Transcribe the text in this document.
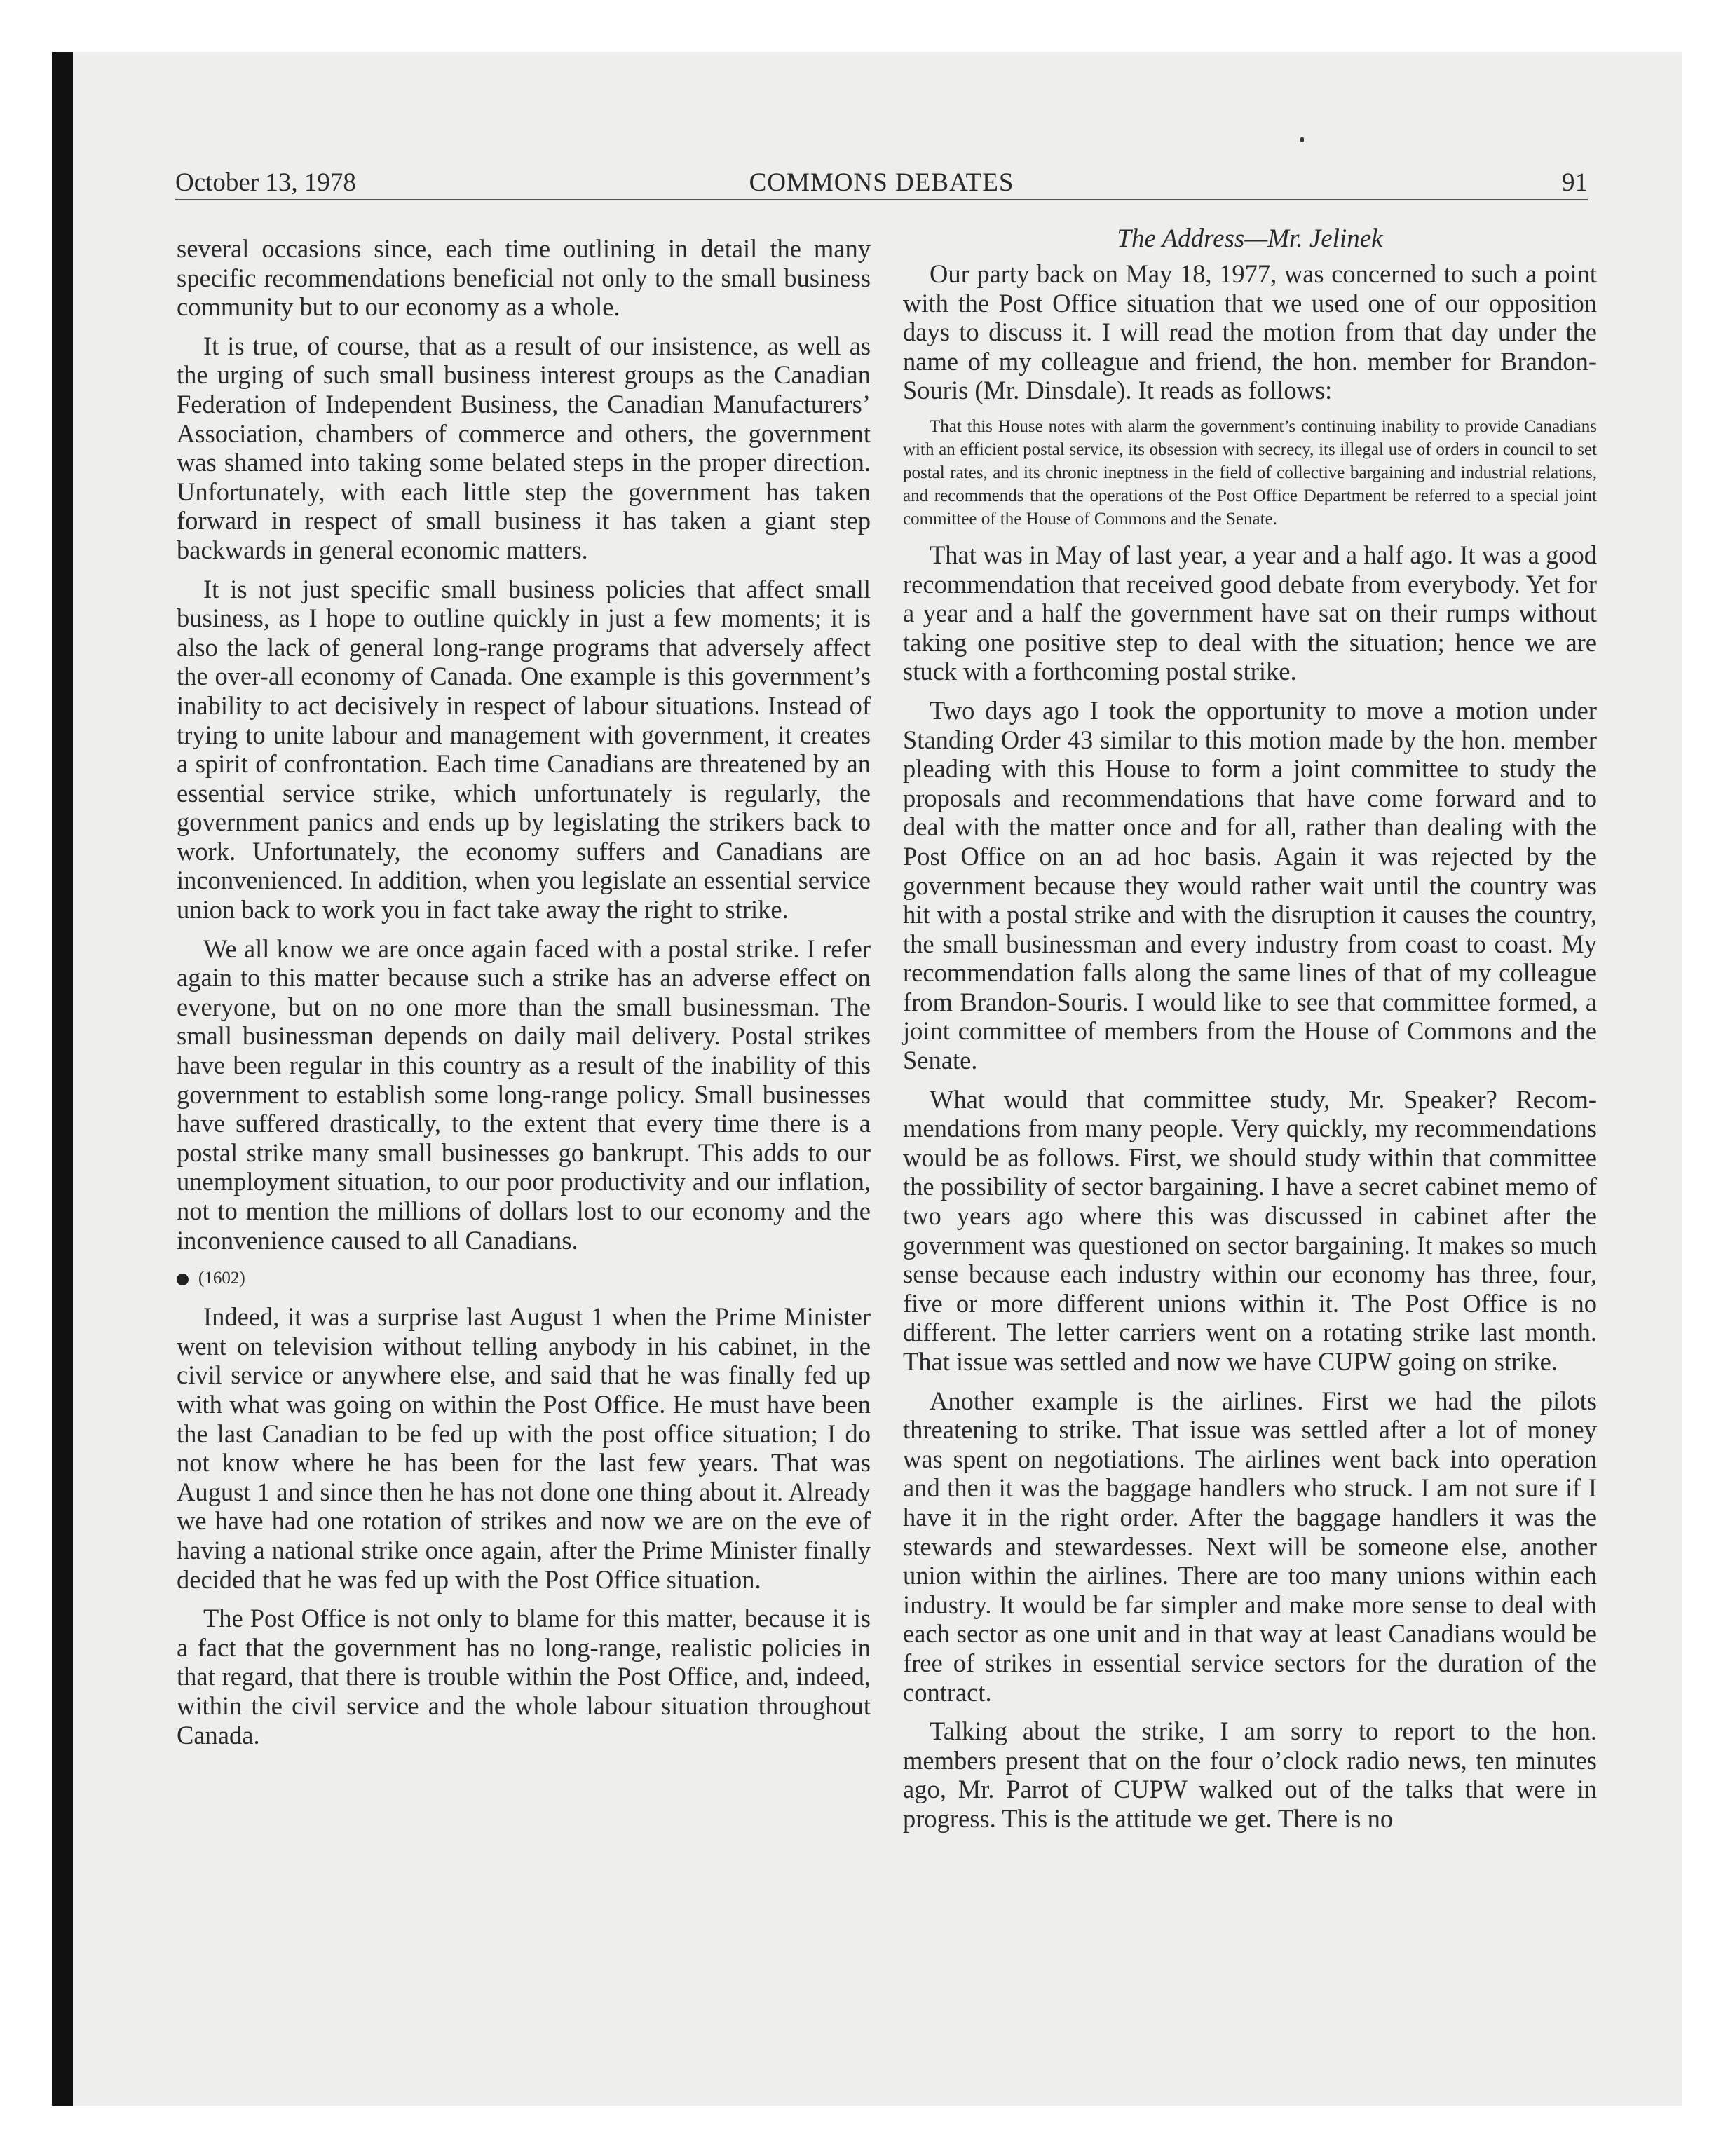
October 13, 1978	COMMONS DEBATES	91

several occasions since, each time outlining in detail the many specific recommendations beneficial not only to the small business community but to our economy as a whole.

It is true, of course, that as a result of our insistence, as well as the urging of such small business interest groups as the Canadian Federation of Independent Business, the Canadian Manufacturers’ Association, chambers of commerce and others, the government was shamed into taking some belated steps in the proper direction. Unfortunately, with each little step the government has taken forward in respect of small business it has taken a giant step backwards in general economic matters.

It is not just specific small business policies that affect small business, as I hope to outline quickly in just a few moments; it is also the lack of general long-range programs that adversely affect the over-all economy of Canada. One example is this government’s inability to act decisively in respect of labour situations. Instead of trying to unite labour and management with government, it creates a spirit of confrontation. Each time Canadians are threatened by an essential service strike, which unfortunately is regularly, the government panics and ends up by legislating the strikers back to work. Unfortunately, the economy suffers and Canadians are inconvenienced. In addition, when you legislate an essential service union back to work you in fact take away the right to strike.

We all know we are once again faced with a postal strike. I refer again to this matter because such a strike has an adverse effect on everyone, but on no one more than the small businessman. The small businessman depends on daily mail delivery. Postal strikes have been regular in this country as a result of the inability of this government to establish some long-range policy. Small businesses have suffered drastically, to the extent that every time there is a postal strike many small businesses go bankrupt. This adds to our unemployment situation, to our poor productivity and our inflation, not to mention the millions of dollars lost to our economy and the inconvenience caused to all Canadians.

(1602)

Indeed, it was a surprise last August 1 when the Prime Minister went on television without telling anybody in his cabinet, in the civil service or anywhere else, and said that he was finally fed up with what was going on within the Post Office. He must have been the last Canadian to be fed up with the post office situation; I do not know where he has been for the last few years. That was August 1 and since then he has not done one thing about it. Already we have had one rotation of strikes and now we are on the eve of having a national strike once again, after the Prime Minister finally decided that he was fed up with the Post Office situation.

The Post Office is not only to blame for this matter, because it is a fact that the government has no long-range, realistic policies in that regard, that there is trouble within the Post Office, and, indeed, within the civil service and the whole labour situation throughout Canada.

The Address—Mr. Jelinek

Our party back on May 18, 1977, was concerned to such a point with the Post Office situation that we used one of our opposition days to discuss it. I will read the motion from that day under the name of my colleague and friend, the hon. member for Brandon-Souris (Mr. Dinsdale). It reads as follows:

That this House notes with alarm the government’s continuing inability to provide Canadians with an efficient postal service, its obsession with secrecy, its illegal use of orders in council to set postal rates, and its chronic ineptness in the field of collective bargaining and industrial relations, and recommends that the operations of the Post Office Department be referred to a special joint committee of the House of Commons and the Senate.

That was in May of last year, a year and a half ago. It was a good recommendation that received good debate from everybody. Yet for a year and a half the government have sat on their rumps without taking one positive step to deal with the situation; hence we are stuck with a forthcoming postal strike.

Two days ago I took the opportunity to move a motion under Standing Order 43 similar to this motion made by the hon. member pleading with this House to form a joint committee to study the proposals and recommendations that have come forward and to deal with the matter once and for all, rather than dealing with the Post Office on an ad hoc basis. Again it was rejected by the government because they would rather wait until the country was hit with a postal strike and with the disruption it causes the country, the small businessman and every industry from coast to coast. My recommendation falls along the same lines of that of my colleague from Brandon-Souris. I would like to see that committee formed, a joint committee of members from the House of Commons and the Senate.

What would that committee study, Mr. Speaker? Recommendations from many people. Very quickly, my recommendations would be as follows. First, we should study within that committee the possibility of sector bargaining. I have a secret cabinet memo of two years ago where this was discussed in cabinet after the government was questioned on sector bargaining. It makes so much sense because each industry within our economy has three, four, five or more different unions within it. The Post Office is no different. The letter carriers went on a rotating strike last month. That issue was settled and now we have CUPW going on strike.

Another example is the airlines. First we had the pilots threatening to strike. That issue was settled after a lot of money was spent on negotiations. The airlines went back into operation and then it was the baggage handlers who struck. I am not sure if I have it in the right order. After the baggage handlers it was the stewards and stewardesses. Next will be someone else, another union within the airlines. There are too many unions within each industry. It would be far simpler and make more sense to deal with each sector as one unit and in that way at least Canadians would be free of strikes in essential service sectors for the duration of the contract.

Talking about the strike, I am sorry to report to the hon. members present that on the four o’clock radio news, ten minutes ago, Mr. Parrot of CUPW walked out of the talks that were in progress. This is the attitude we get. There is no
